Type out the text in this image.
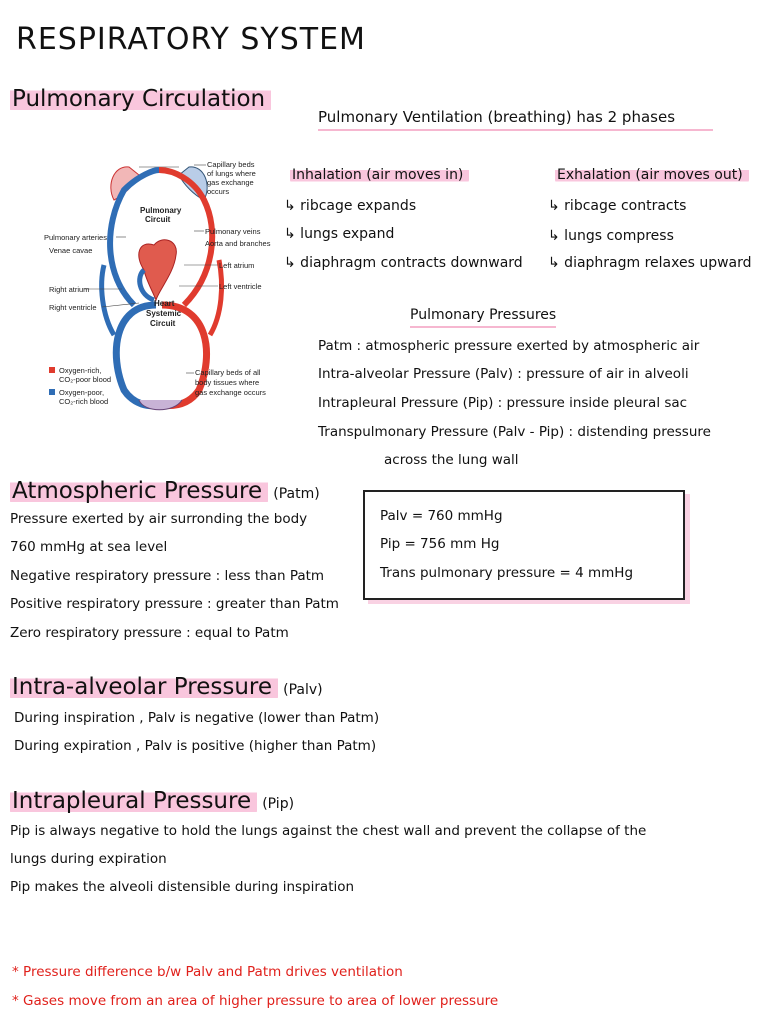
RESPIRATORY SYSTEM
Pulmonary Circulation
Capillary beds
of lungs where
gas exchange
occurs
Pulmonary
Circuit
Pulmonary arteries
Venae cavae
Pulmonary veins
Aorta and branches
Left atrium
Left ventricle
Right atrium
Right ventricle	Heart
Systemic
Circuit
Capillary beds of all
body tissues where
gas exchange occurs
Oxygen-rich,
CO₂-poor blood
Oxygen-poor,
CO₂-rich blood
Pulmonary Ventilation (breathing) has 2 phases
Inhalation (air moves in)
↳ ribcage expands
↳ lungs expand
↳ diaphragm contracts downward
Exhalation (air moves out)
↳ ribcage contracts
↳ lungs compress
↳ diaphragm relaxes upward
Pulmonary Pressures
Patm : atmospheric pressure exerted by atmospheric air
Intra-alveolar Pressure (Palv) : pressure of air in alveoli
Intrapleural Pressure (Pip) : pressure inside pleural sac
Transpulmonary Pressure (Palv - Pip) : distending pressure
across the lung wall
Atmospheric Pressure (Patm)
Pressure exerted by air surronding the body
760 mmHg at sea level
Negative respiratory pressure : less than Patm
Positive respiratory pressure : greater than Patm
Zero respiratory pressure : equal to Patm
Palv = 760 mmHg
Pip = 756 mm Hg
Trans pulmonary pressure = 4 mmHg
Intra-alveolar Pressure (Palv)
During inspiration , Palv is negative (lower than Patm)
During expiration , Palv is positive (higher than Patm)
Intrapleural Pressure (Pip)
Pip is always negative to hold the lungs against the chest wall and prevent the collapse of the
lungs during expiration
Pip makes the alveoli distensible during inspiration
* Pressure difference b/w Palv and Patm drives ventilation
* Gases move from an area of higher pressure to area of lower pressure
